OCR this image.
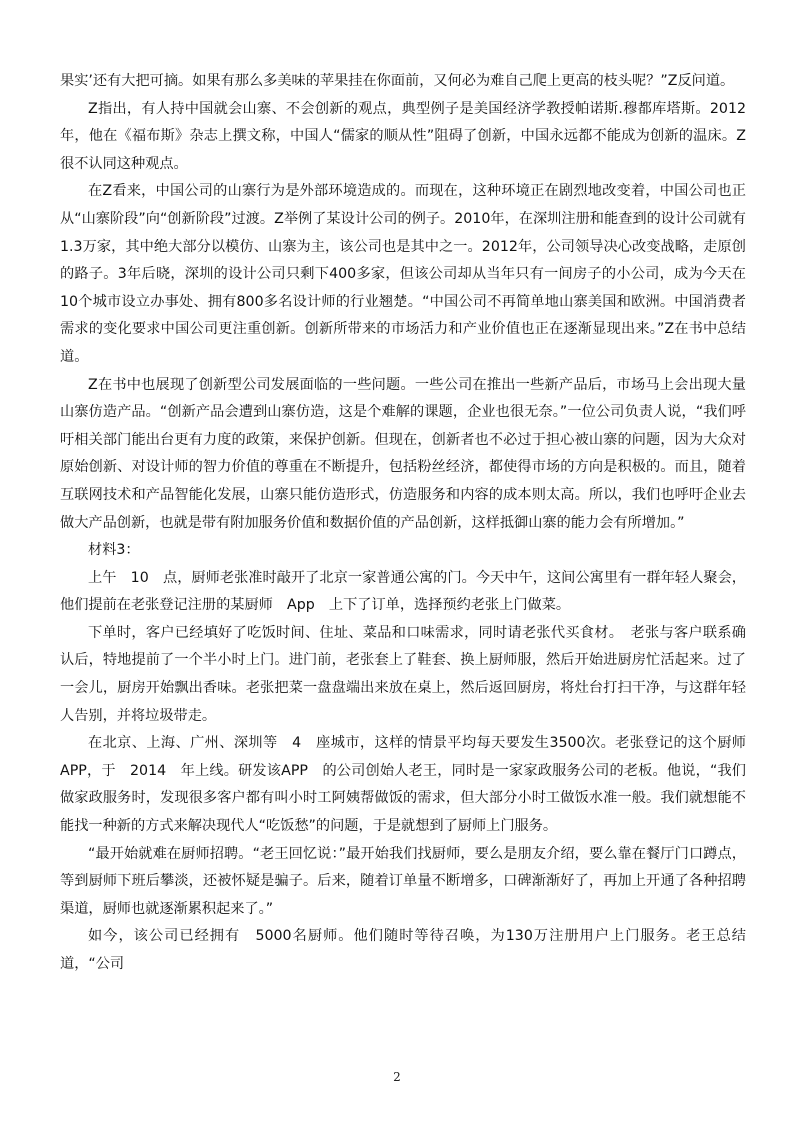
果实’还有大把可摘。如果有那么多美味的苹果挂在你面前，又何必为难自己爬上更高的枝头呢？”Z反问道。

Z指出，有人持中国就会山寨、不会创新的观点，典型例子是美国经济学教授帕诺斯.穆都库塔斯。2012年，他在《福布斯》杂志上撰文称，中国人“儒家的顺从性”阻碍了创新，中国永远都不能成为创新的温床。Z很不认同这种观点。

在Z看来，中国公司的山寨行为是外部环境造成的。而现在，这种环境正在剧烈地改变着，中国公司也正从“山寨阶段”向“创新阶段”过渡。Z举例了某设计公司的例子。2010年，在深圳注册和能查到的设计公司就有1.3万家，其中绝大部分以模仿、山寨为主，该公司也是其中之一。2012年，公司领导决心改变战略，走原创的路子。3年后晓，深圳的设计公司只剩下400多家，但该公司却从当年只有一间房子的小公司，成为今天在10个城市设立办事处、拥有800多名设计师的行业翘楚。“中国公司不再简单地山寨美国和欧洲。中国消费者需求的变化要求中国公司更注重创新。创新所带来的市场活力和产业价值也正在逐渐显现出来。”Z在书中总结道。

Z在书中也展现了创新型公司发展面临的一些问题。一些公司在推出一些新产品后，市场马上会出现大量山寨仿造产品。“创新产品会遭到山寨仿造，这是个难解的课题，企业也很无奈。”一位公司负责人说，“我们呼吁相关部门能出台更有力度的政策，来保护创新。但现在，创新者也不必过于担心被山寨的问题，因为大众对原始创新、对设计师的智力价值的尊重在不断提升，包括粉丝经济，都使得市场的方向是积极的。而且，随着互联网技术和产品智能化发展，山寨只能仿造形式，仿造服务和内容的成本则太高。所以，我们也呼吁企业去做大产品创新，也就是带有附加服务价值和数据价值的产品创新，这样抵御山寨的能力会有所增加。”

材料3：

上午　10　点，厨师老张准时敲开了北京一家普通公寓的门。今天中午，这间公寓里有一群年轻人聚会，他们提前在老张登记注册的某厨师　App　上下了订单，选择预约老张上门做菜。

下单时，客户已经填好了吃饭时间、住址、菜品和口味需求，同时请老张代买食材。　老张与客户联系确认后，特地提前了一个半小时上门。进门前，老张套上了鞋套、换上厨师服，然后开始进厨房忙活起来。过了一会儿，厨房开始飘出香味。老张把菜一盘盘端出来放在桌上，然后返回厨房，将灶台打扫干净，与这群年轻人告别，并将垃圾带走。

在北京、上海、广州、深圳等　4　座城市，这样的情景平均每天要发生3500次。老张登记的这个厨师APP，于　2014　年上线。研发该APP　的公司创始人老王，同时是一家家政服务公司的老板。他说，“我们做家政服务时，发现很多客户都有叫小时工阿姨帮做饭的需求，但大部分小时工做饭水准一般。我们就想能不能找一种新的方式来解决现代人“吃饭愁”的问题，于是就想到了厨师上门服务。

“最开始就难在厨师招聘。“老王回忆说：”最开始我们找厨师，要么是朋友介绍，要么靠在餐厅门口蹲点，等到厨师下班后攀淡，还被怀疑是骗子。后来，随着订单量不断增多，口碑渐渐好了，再加上开通了各种招聘渠道，厨师也就逐渐累积起来了。”

如今，该公司已经拥有　5000名厨师。他们随时等待召唤，为130万注册用户上门服务。老王总结道，“公司

2
